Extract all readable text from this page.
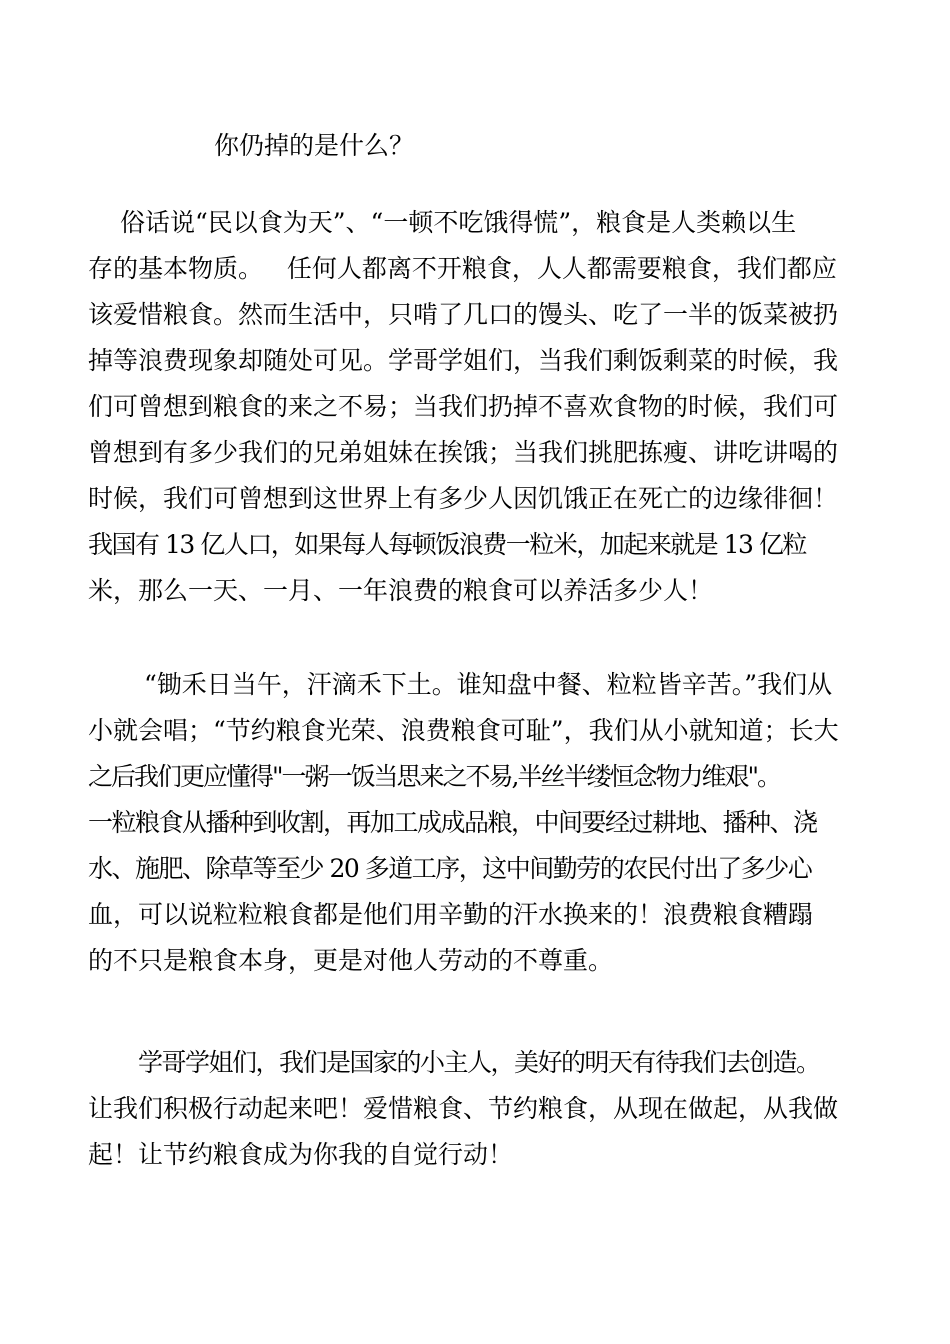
你仍掉的是什么？
俗话说“民以食为天”、“一顿不吃饿得慌”，粮食是人类赖以生
存的基本物质。   任何人都离不开粮食，人人都需要粮食，我们都应
该爱惜粮食。然而生活中，只啃了几口的馒头、吃了一半的饭菜被扔
掉等浪费现象却随处可见。学哥学姐们，当我们剩饭剩菜的时候，我
们可曾想到粮食的来之不易；当我们扔掉不喜欢食物的时候，我们可
曾想到有多少我们的兄弟姐妹在挨饿；当我们挑肥拣瘦、讲吃讲喝的
时候，我们可曾想到这世界上有多少人因饥饿正在死亡的边缘徘徊！
我国有 13 亿人口，如果每人每顿饭浪费一粒米，加起来就是 13 亿粒
米，那么一天、一月、一年浪费的粮食可以养活多少人！
“锄禾日当午，汗滴禾下土。谁知盘中餐、粒粒皆辛苦。”我们从
小就会唱；“节约粮食光荣、浪费粮食可耻”，我们从小就知道；长大
之后我们更应懂得"一粥一饭当思来之不易,半丝半缕恒念物力维艰"。
一粒粮食从播种到收割，再加工成成品粮，中间要经过耕地、播种、浇
水、施肥、除草等至少 20 多道工序，这中间勤劳的农民付出了多少心
血，可以说粒粒粮食都是他们用辛勤的汗水换来的！浪费粮食糟蹋
的不只是粮食本身，更是对他人劳动的不尊重。
学哥学姐们，我们是国家的小主人，美好的明天有待我们去创造。
让我们积极行动起来吧！爱惜粮食、节约粮食，从现在做起，从我做
起！让节约粮食成为你我的自觉行动！
